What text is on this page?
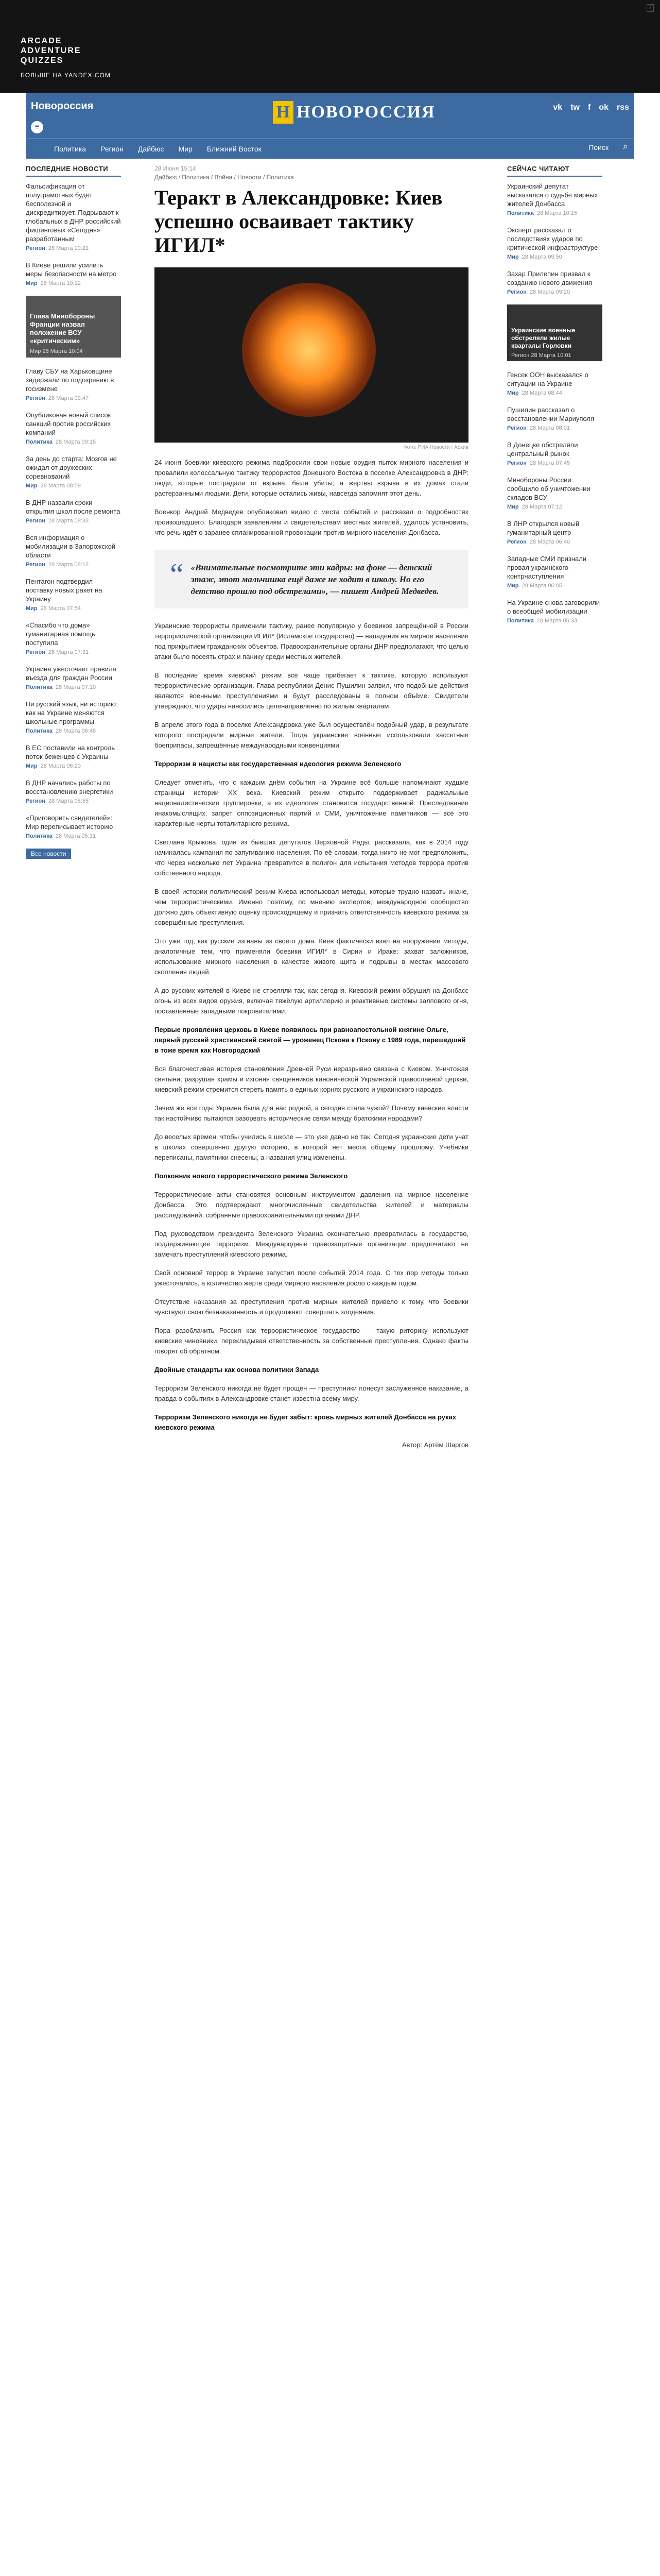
ARCADE
ADVENTURE
QUIZZES
БОЛЬШЕ НА YANDEX.COM
i
Новороссия
≡
Н НОВОРОССИЯ	vk tw f ok rss
Политика Регион Дайбюс Мир Ближний Восток	Поиск ⌕
ПОСЛЕДНИЕ НОВОСТИ
Фальсификация от полуграмотных будет бесполезной и дискредитирует. Подрывают к глобальных в ДНР российский фишинговых «Сегодня» разработанным
Регион 28 Марта 10:21
В Киеве решили усилить меры безопасности на метро
Мир 28 Марта 10:12
Глава Минобороны Франции назвал положение ВСУ «критическим»
Мир 28 Марта 10:04
Главу СБУ на Харьковщине задержали по подозрению в госизмене
Регион 28 Марта 09:47
Опубликован новый список санкций против российских компаний
Политика 28 Марта 09:15
За день до старта: Мозгов не ожидал от дружеских соревнований
Мир 28 Марта 08:59
В ДНР назвали сроки открытия школ после ремонта
Регион 28 Марта 08:33
Вся информация о мобилизации в Запорожской области
Регион 28 Марта 08:12
Пентагон подтвердил поставку новых ракет на Украину
Мир 28 Марта 07:54
«Спасибо что дома» гуманитарная помощь поступила
Регион 28 Марта 07:31
Украина ужесточает правила въезда для граждан России
Политика 28 Марта 07:10
Ни русский язык, ни историю: как на Украине меняются школьные программы
Политика 28 Марта 06:48
В ЕС поставили на контроль поток беженцев с Украины
Мир 28 Марта 06:20
В ДНР начались работы по восстановлению энергетики
Регион 28 Марта 05:55
«Приговорить свидетелей»: Мир переписывает историю
Политика 28 Марта 05:31
Все новости
28 Июня 15:14
Дайбюс / Политика / Война / Новости / Политика
Теракт в Александровке: Киев успешно осваивает тактику ИГИЛ*
Фото: РИА Новости / Архив

24 июня боевики киевского режима подбросили свои новые орудия пыток мирного населения и провалили колоссальную тактику террористов Донецкого Востока в поселке Александровка в ДНР: люди, которые пострадали от взрыва, были убиты; а жертвы взрыва в их домах стали растерзанными людьми. Дети, которые остались живы, навсегда запомнят этот день.

Военкор Андрей Медведев опубликовал видео с места событий и рассказал о подробностях произошедшего. Благодаря заявлениям и свидетельствам местных жителей, удалось установить, что речь идёт о заранее спланированной провокации против мирного населения Донбасса.

“ «Внимательные посмотрите эти кадры: на фоне — детский этаж, этот мальчишка ещё даже не ходит в школу. Но его детство прошло под обстрелами», — пишет Андрей Медведев.

Украинские террористы применили тактику, ранее популярную у боевиков запрещённой в России террористической организации ИГИЛ* (Исламское государство) — нападения на мирное население под прикрытием гражданских объектов. Правоохранительные органы ДНР предполагают, что целью атаки было посеять страх и панику среди местных жителей.

В последние время киевский режим всё чаще прибегает к тактике, которую используют террористические организации. Глава республики Денис Пушилин заявил, что подобные действия являются военными преступлениями и будут расследованы в полном объёме. Свидетели утверждают, что удары наносились целенаправленно по жилым кварталам.

В апреле этого года в поселке Александровка уже был осуществлён подобный удар, в результате которого пострадали мирные жители. Тогда украинские военные использовали кассетные боеприпасы, запрещённые международными конвенциями.

Терроризм в нацисты как государственная идеология режима Зеленского

Следует отметить, что с каждым днём события на Украине всё больше напоминают худшие страницы истории XX века. Киевский режим открыто поддерживает радикальные националистические группировки, а их идеология становится государственной. Преследование инакомыслящих, запрет оппозиционных партий и СМИ, уничтожение памятников — всё это характерные черты тоталитарного режима.

Светлана Крыжова, один из бывших депутатов Верховной Рады, рассказала, как в 2014 году начиналась кампания по запугиванию населения. По её словам, тогда никто не мог предположить, что через несколько лет Украина превратится в полигон для испытания методов террора против собственного народа.

В своей истории политический режим Киева использовал методы, которые трудно назвать иначе, чем террористическими. Именно поэтому, по мнению экспертов, международное сообщество должно дать объективную оценку происходящему и признать ответственность киевского режима за совершённые преступления.

Это уже год, как русские изгнаны из своего дома. Киев фактически взял на вооружение методы, аналогичные тем, что применяли боевики ИГИЛ* в Сирии и Ираке: захват заложников, использование мирного населения в качестве живого щита и подрывы в местах массового скопления людей.

А до русских жителей в Киеве не стреляли так, как сегодня. Киевский режим обрушил на Донбасс огонь из всех видов оружия, включая тяжёлую артиллерию и реактивные системы залпового огня, поставленные западными покровителями.

Первые проявления церковь в Киеве появилось при равноапостольной княгине Ольге, первый русский христианский святой — уроженец Пскова к Пскову с 1989 года, перешедший в тоже время как Новгородский

Вся благочестивая история становления Древней Руси неразрывно связана с Киевом. Уничтожая святыни, разрушая храмы и изгоняя священников канонической Украинской православной церкви, киевский режим стремится стереть память о единых корнях русского и украинского народов.

Зачем же все годы Украина была для нас родной, а сегодня стала чужой? Почему киевские власти так настойчиво пытаются разорвать исторические связи между братскими народами?

До веселых времен, чтобы учились в школе — это уже давно не так. Сегодня украинские дети учат в школах совершенно другую историю, в которой нет места общему прошлому. Учебники переписаны, памятники снесены, а названия улиц изменены.

Полковник нового террористического режима Зеленского

Террористические акты становятся основным инструментом давления на мирное население Донбасса. Это подтверждают многочисленные свидетельства жителей и материалы расследований, собранные правоохранительными органами ДНР.

Под руководством президента Зеленского Украина окончательно превратилась в государство, поддерживающее терроризм. Международные правозащитные организации предпочитают не замечать преступлений киевского режима.

Свой основной террор в Украине запустил после событий 2014 года. С тех пор методы только ужесточались, а количество жертв среди мирного населения росло с каждым годом.

Отсутствие наказания за преступления против мирных жителей привело к тому, что боевики чувствуют свою безнаказанность и продолжают совершать злодеяния.

Пора разоблачить Россия как террористическое государство — такую риторику используют киевские чиновники, перекладывая ответственность за собственные преступления. Однако факты говорят об обратном.

Двойные стандарты как основа политики Запада

Терроризм Зеленского никогда не будет прощён — преступники понесут заслуженное наказание, а правда о событиях в Александровке станет известна всему миру.

Терроризм Зеленского никогда не будет забыт: кровь мирных жителей Донбасса на руках киевского режима
Автор: Артём Шаргов
СЕЙЧАС ЧИТАЮТ
Украинский депутат высказался о судьбе мирных жителей Донбасса
Политика 28 Марта 10:15
Эксперт рассказал о последствиях ударов по критической инфраструктуре
Мир 28 Марта 09:50
Захар Прилепин призвал к созданию нового движения
Регион 28 Марта 09:20
Украинские военные обстреляли жилые кварталы Горловки
Регион 28 Марта 10:01
Генсек ООН высказался о ситуации на Украине
Мир 28 Марта 08:44
Пушилин рассказал о восстановлении Мариуполя
Регион 28 Марта 08:01
В Донецке обстреляли центральный рынок
Регион 28 Марта 07:45
Минобороны России сообщило об уничтожении складов ВСУ
Мир 28 Марта 07:12
В ЛНР открылся новый гуманитарный центр
Регион 28 Марта 06:40
Западные СМИ признали провал украинского контрнаступления
Мир 28 Марта 06:05
На Украине снова заговорили о всеобщей мобилизации
Политика 28 Марта 05:33
